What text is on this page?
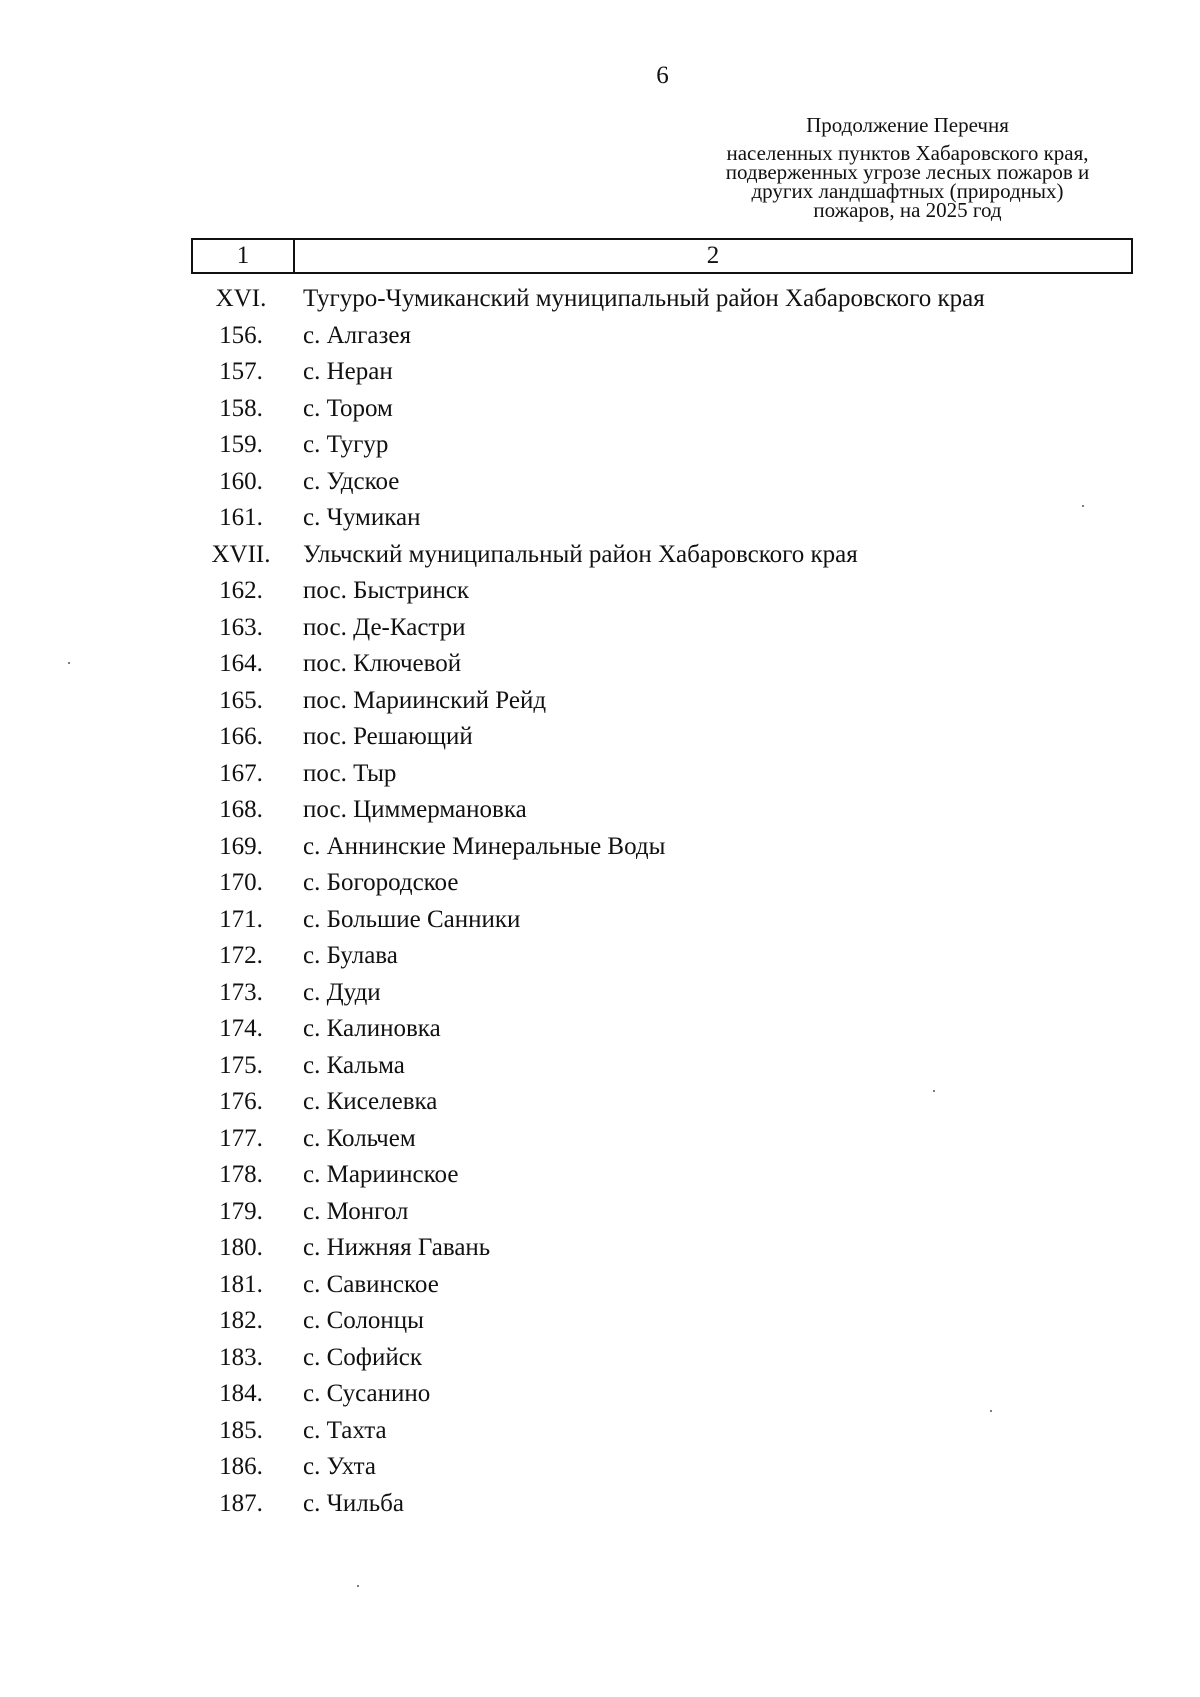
6
Продолжение Перечня
населенных пунктов Хабаровского края,
подверженных угрозе лесных пожаров и
других ландшафтных (природных)
пожаров, на 2025 год
1	2
XVI.	Тугуро-Чумиканский муниципальный район Хабаровского края
156.	с. Алгазея
157.	с. Неран
158.	с. Тором
159.	с. Тугур
160.	с. Удское
161.	с. Чумикан
XVII.	Ульчский муниципальный район Хабаровского края
162.	пос. Быстринск
163.	пос. Де-Кастри
164.	пос. Ключевой
165.	пос. Мариинский Рейд
166.	пос. Решающий
167.	пос. Тыр
168.	пос. Циммермановка
169.	с. Аннинские Минеральные Воды
170.	с. Богородское
171.	с. Большие Санники
172.	с. Булава
173.	с. Дуди
174.	с. Калиновка
175.	с. Кальма
176.	с. Киселевка
177.	с. Кольчем
178.	с. Мариинское
179.	с. Монгол
180.	с. Нижняя Гавань
181.	с. Савинское
182.	с. Солонцы
183.	с. Софийск
184.	с. Сусанино
185.	с. Тахта
186.	с. Ухта
187.	с. Чильба
